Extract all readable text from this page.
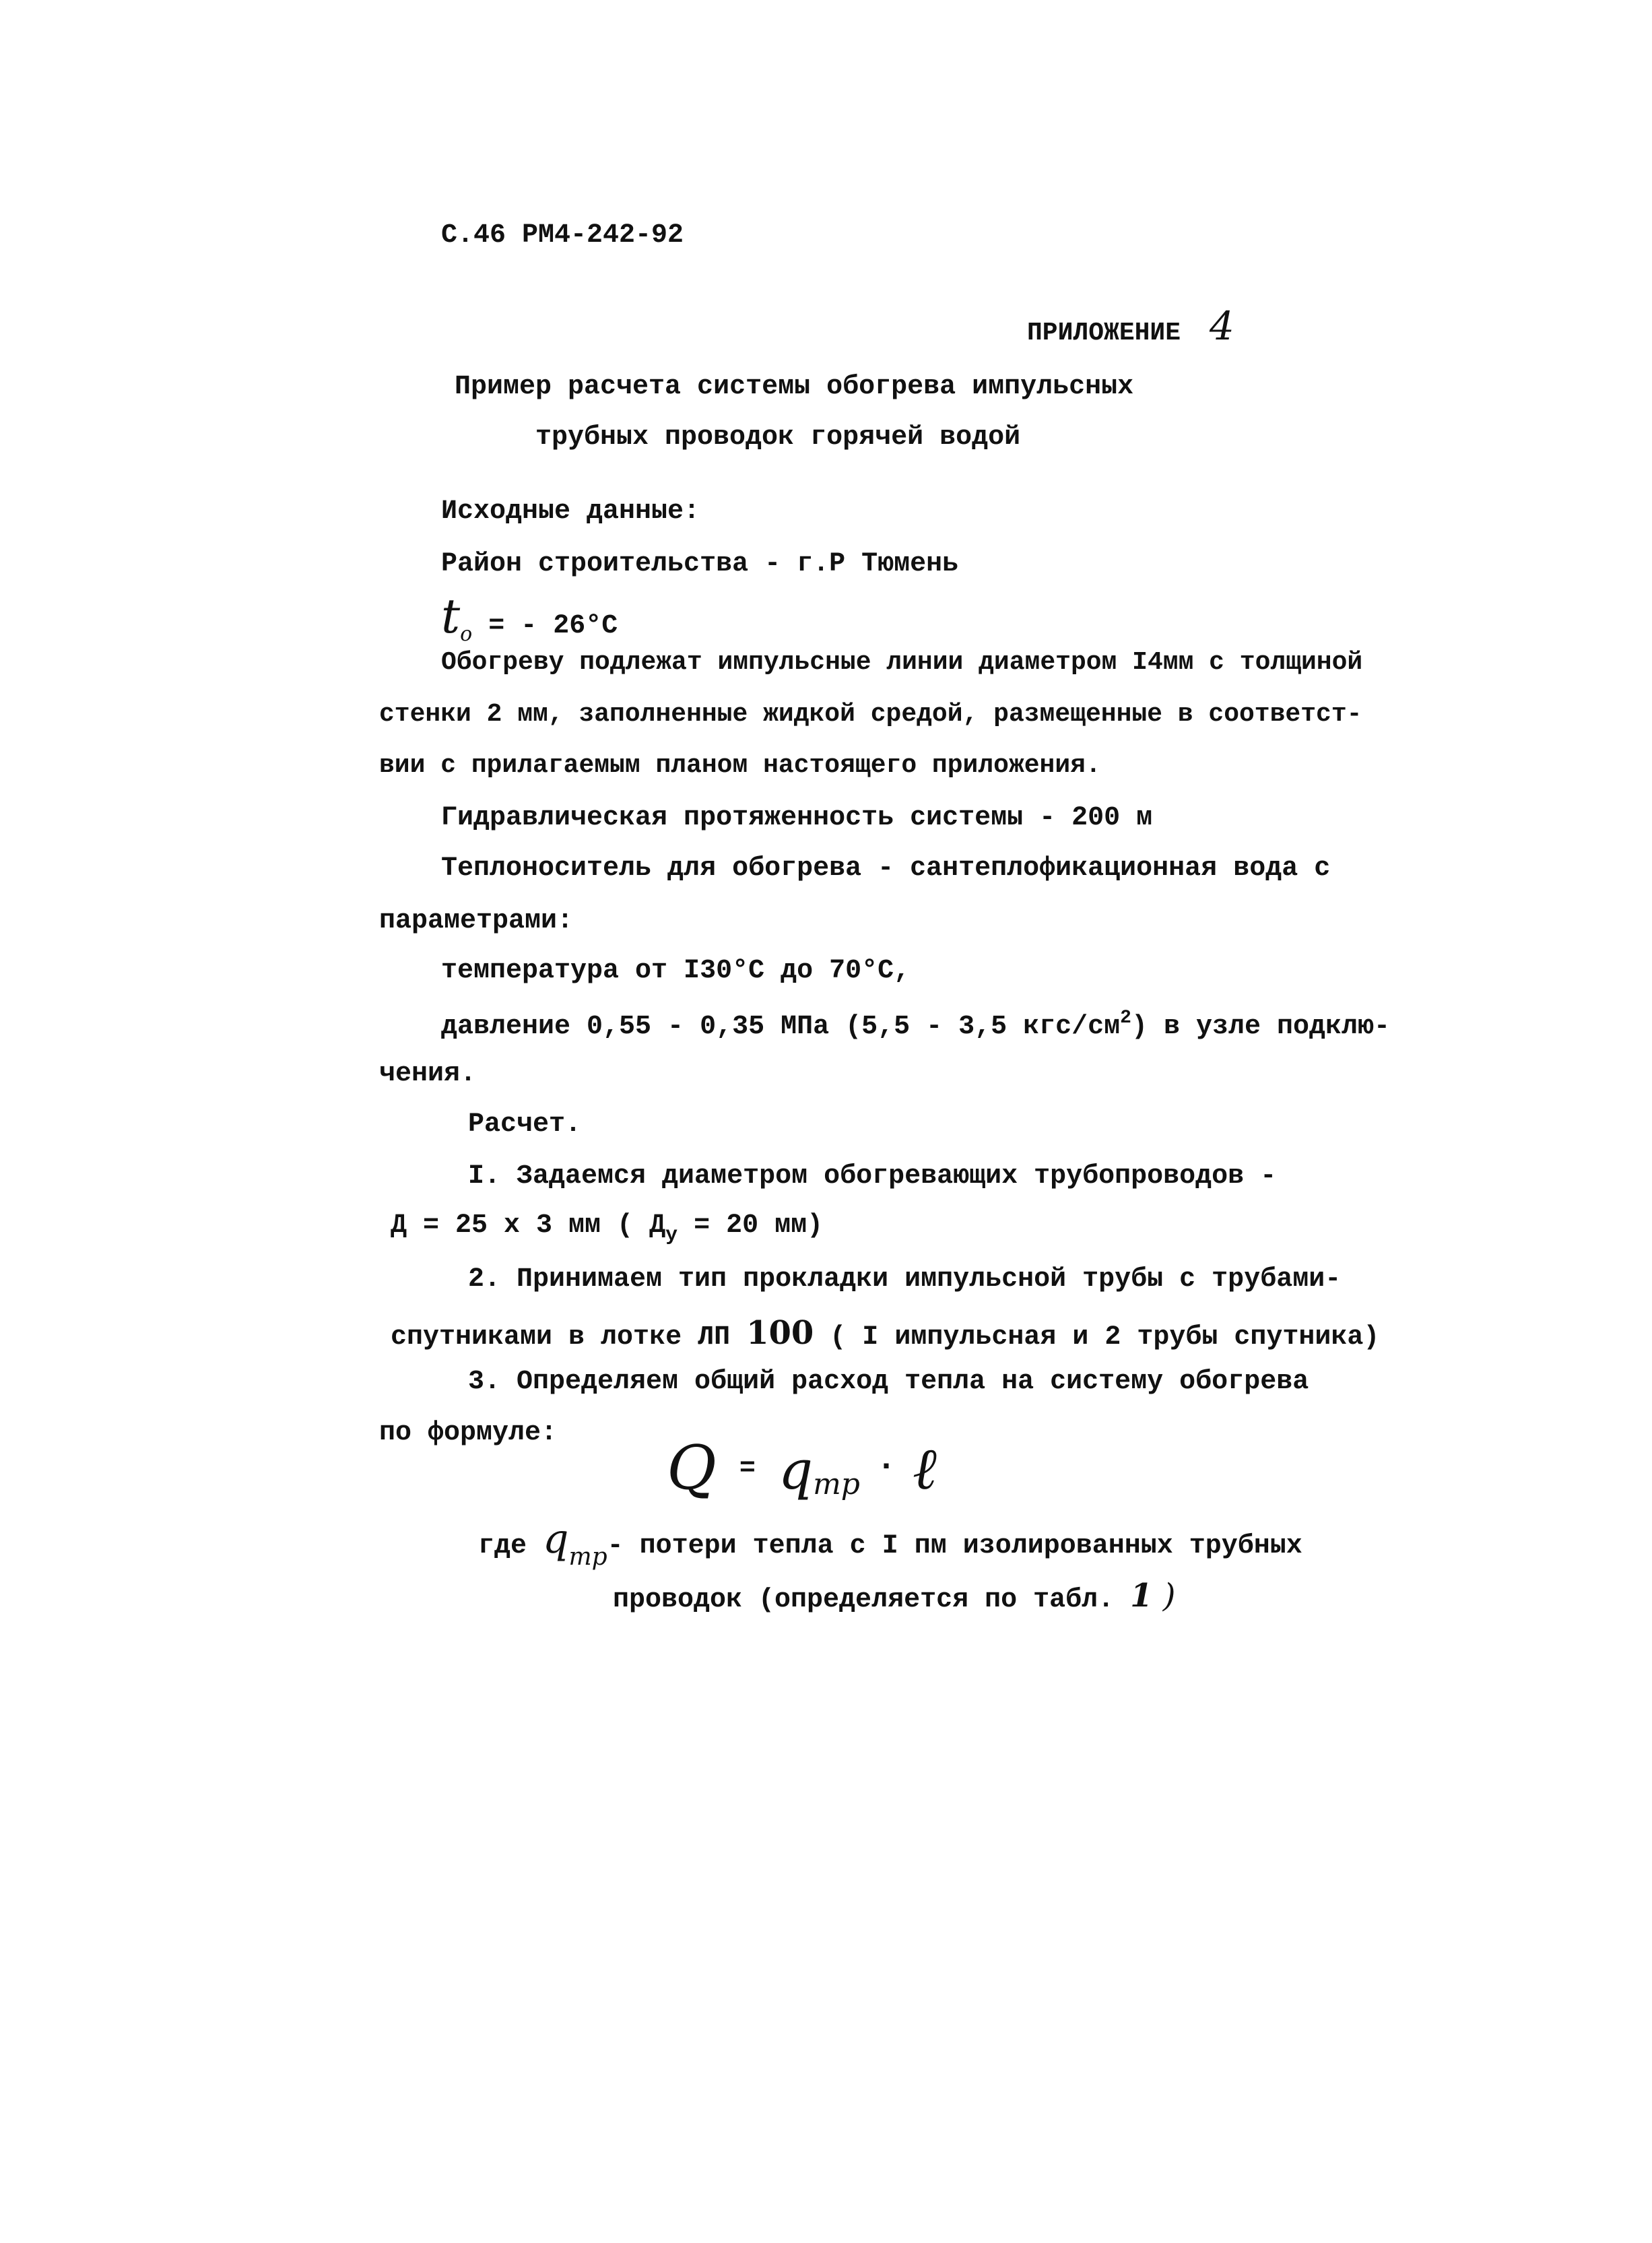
С.46 РМ4-242-92
ПРИЛОЖЕНИЕ 4
Пример расчета системы обогрева импульсных
трубных проводок горячей водой
Исходные данные:
Район строительства - г.Р Тюмень
$t_o$ = - 26°C
Обогреву подлежат импульсные линии диаметром I4мм с толщиной
стенки 2 мм, заполненные жидкой средой, размещенные в соответст-
вии с прилагаемым планом настоящего приложения.
Гидравлическая протяженность системы - 200 м
Теплоноситель для обогрева - сантеплофикационная вода с
параметрами:
температура от I30°C до 70°C,
давление 0,55 - 0,35 МПа (5,5 - 3,5 кгс/$см^2$) в узле подклю-
чения.
Расчет.
I. Задаемся диаметром обогревающих трубопроводов -
Д = 25 х 3 мм ( $Д_у = 20$ мм)
2. Принимаем тип прокладки импульсной трубы с трубами-
спутниками в лотке ЛП 100 ( I импульсная и 2 трубы спутника)
3. Определяем общий расход тепла на систему обогрева
по формуле: Q = qтр · ℓ
где qтр- потери тепла с I пм изолированных трубных
проводок (определяется по табл. 1 )
